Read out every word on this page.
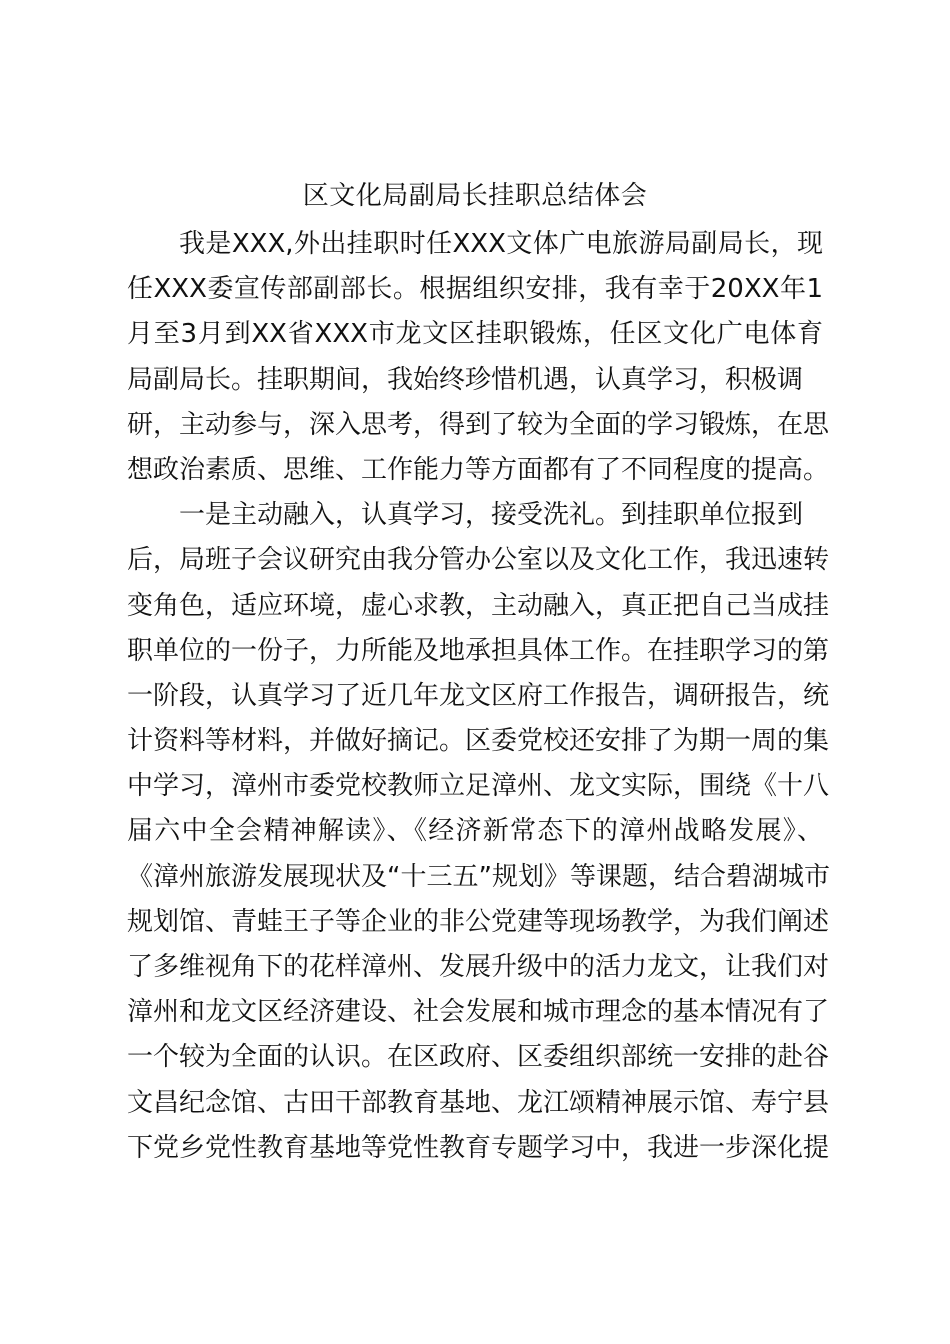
区文化局副局长挂职总结体会
我是XXX,外出挂职时任XXX文体广电旅游局副局长，现
任XXX委宣传部副部长。根据组织安排，我有幸于20XX年1
月至3月到XX省XXX市龙文区挂职锻炼，任区文化广电体育
局副局长。挂职期间，我始终珍惜机遇，认真学习，积极调
研，主动参与，深入思考，得到了较为全面的学习锻炼，在思
想政治素质、思维、工作能力等方面都有了不同程度的提高。
一是主动融入，认真学习，接受洗礼。到挂职单位报到
后，局班子会议研究由我分管办公室以及文化工作，我迅速转
变角色，适应环境，虚心求教，主动融入，真正把自己当成挂
职单位的一份子，力所能及地承担具体工作。在挂职学习的第
一阶段，认真学习了近几年龙文区府工作报告，调研报告，统
计资料等材料，并做好摘记。区委党校还安排了为期一周的集
中学习，漳州市委党校教师立足漳州、龙文实际，围绕《十八
届六中全会精神解读》、《经济新常态下的漳州战略发展》、
《漳州旅游发展现状及“十三五”规划》等课题，结合碧湖城市
规划馆、青蛙王子等企业的非公党建等现场教学，为我们阐述
了多维视角下的花样漳州、发展升级中的活力龙文，让我们对
漳州和龙文区经济建设、社会发展和城市理念的基本情况有了
一个较为全面的认识。在区政府、区委组织部统一安排的赴谷
文昌纪念馆、古田干部教育基地、龙江颂精神展示馆、寿宁县
下党乡党性教育基地等党性教育专题学习中，我进一步深化提
